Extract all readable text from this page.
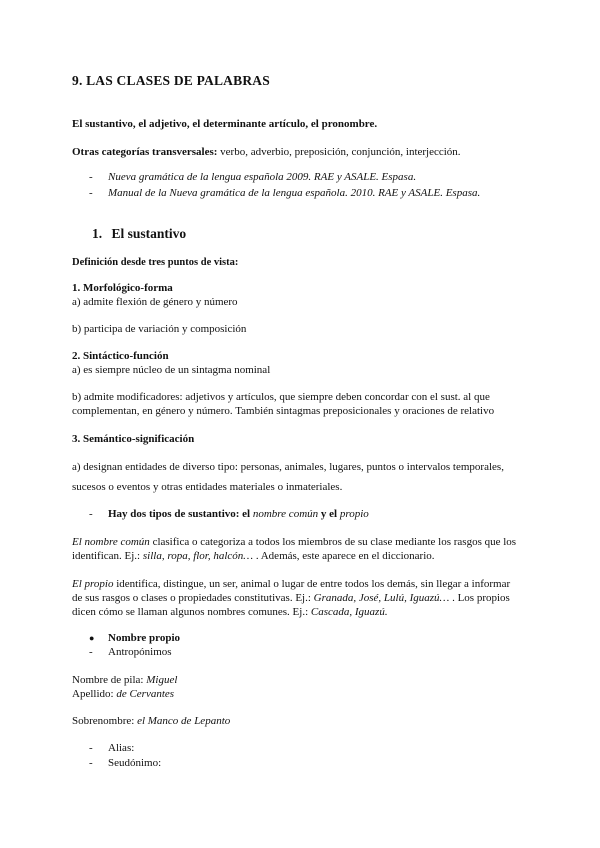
9. LAS CLASES DE PALABRAS
El sustantivo, el adjetivo, el determinante artículo, el pronombre.
Otras categorías transversales: verbo, adverbio, preposición, conjunción, interjección.
- Nueva gramática de la lengua española 2009. RAE y ASALE. Espasa.
- Manual de la Nueva gramática de la lengua española. 2010. RAE y ASALE. Espasa.
1. El sustantivo
Definición desde tres puntos de vista:
1. Morfológico-forma
a) admite flexión de género y número
b) participa de variación y composición
2. Sintáctico-función
a) es siempre núcleo de un sintagma nominal
b) admite modificadores: adjetivos y artículos, que siempre deben concordar con el sust. al que
complementan, en género y número. También sintagmas preposicionales y oraciones de relativo
3. Semántico-significación
a) designan entidades de diverso tipo: personas, animales, lugares, puntos o intervalos temporales,
sucesos o eventos y otras entidades materiales o inmateriales.
- Hay dos tipos de sustantivo: el nombre común y el propio
El nombre común clasifica o categoriza a todos los miembros de su clase mediante los rasgos que los
identifican. Ej.: silla, ropa, flor, halcón… . Además, este aparece en el diccionario.
El propio identifica, distingue, un ser, animal o lugar de entre todos los demás, sin llegar a informar
de sus rasgos o clases o propiedades constitutivas. Ej.: Granada, José, Lulú, Iguazú… . Los propios
dicen cómo se llaman algunos nombres comunes. Ej.: Cascada, Iguazú.
● Nombre propio
- Antropónimos
Nombre de pila: Miguel
Apellido: de Cervantes
Sobrenombre: el Manco de Lepanto
- Alias:
- Seudónimo:
